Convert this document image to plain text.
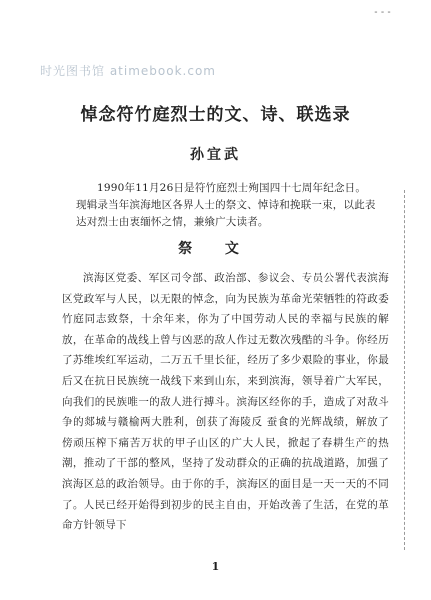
时光图书馆 atimebook.com
⁃ ⁃ ⁃
悼念符竹庭烈士的文、诗、联选录
孙宜武

1990年11月26日是符竹庭烈士殉国四十七周年纪念日。现辑录当年滨海地区各界人士的祭文、悼诗和挽联一束，以此表达对烈士由衷缅怀之情，兼飨广大读者。

祭 文

滨海区党委、军区司令部、政治部、参议会、专员公署代表滨海区党政军与人民，以无限的悼念，向为民族为革命光荣牺牲的符政委竹庭同志致祭，十余年来，你为了中国劳动人民的幸福与民族的解放，在革命的战线上曾与凶恶的敌人作过无数次残酷的斗争。你经历了苏维埃红军运动，二万五千里长征，经历了多少艰险的事业，你最后又在抗日民族统一战线下来到山东，来到滨海，领导着广大军民，向我们的民族唯一的敌人进行搏斗。滨海区经你的手，造成了对敌斗争的郯城与赣榆两大胜利，创获了海陵反 蚕食的光辉战绩，解放了傍顽压榨下痛苦万状的甲子山区的广大人民，掀起了春耕生产的热潮，推动了干部的整风，坚持了发动群众的正确的抗战道路，加强了滨海区总的政治领导。由于你的手，滨海区的面目是一天一天的不同了。人民已经开始得到初步的民主自由，开始改善了生活，在党的革命方针领导下

1
